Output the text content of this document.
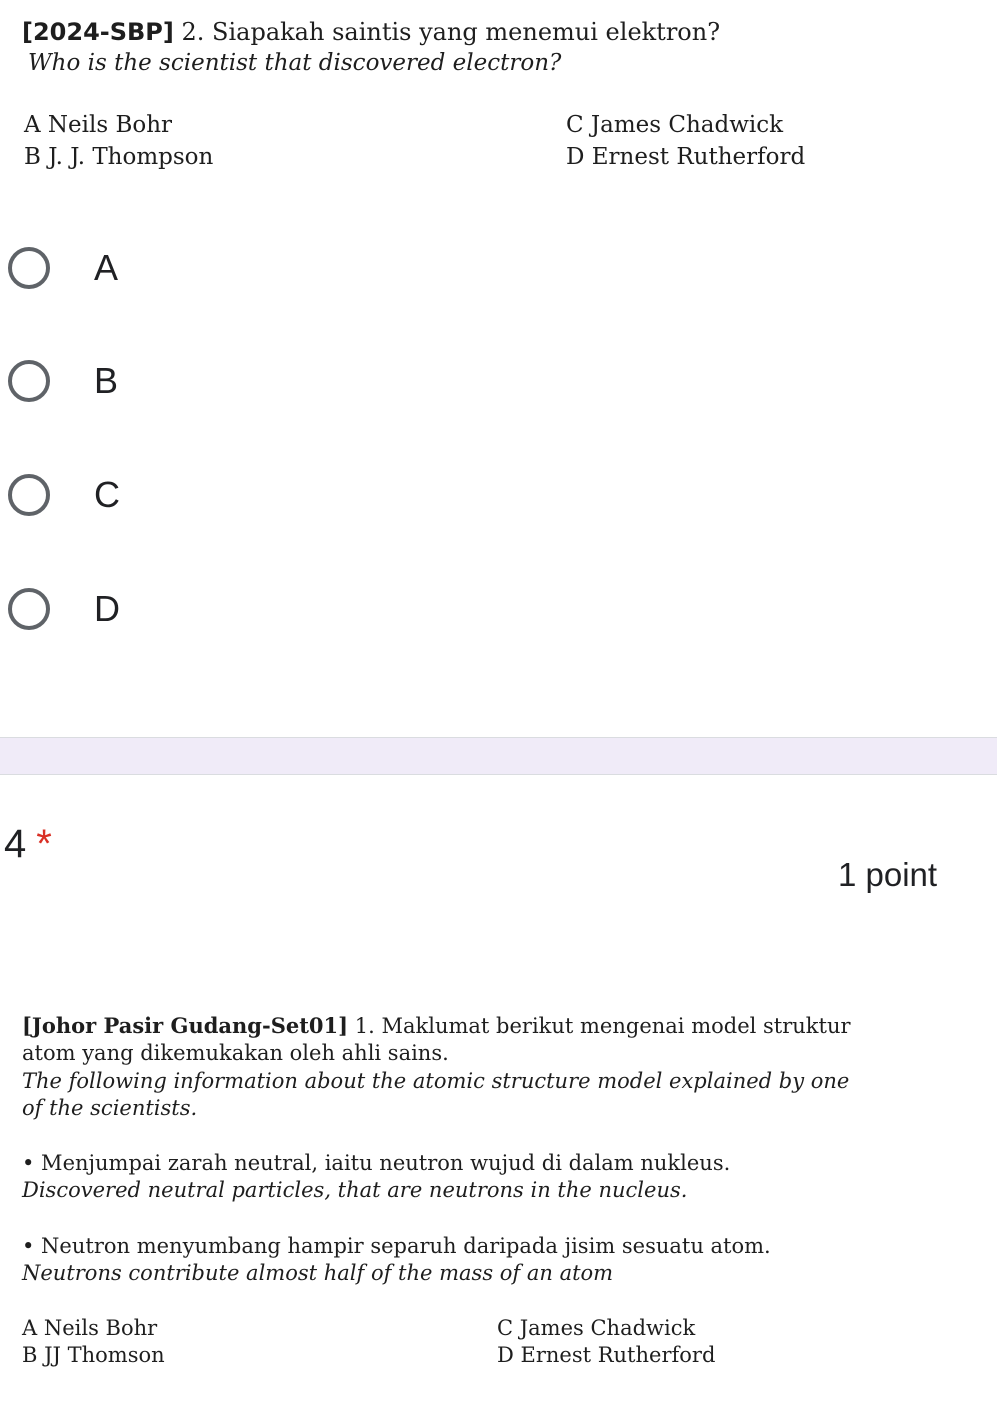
[2024-SBP] 2. Siapakah saintis yang menemui elektron?
Who is the scientist that discovered electron?
A Neils Bohr	C James Chadwick
B J. J. Thompson	D Ernest Rutherford
A
B
C
D
4 *
1 point
[Johor Pasir Gudang-Set01] 1. Maklumat berikut mengenai model struktur
atom yang dikemukakan oleh ahli sains.
The following information about the atomic structure model explained by one
of the scientists.
• Menjumpai zarah neutral, iaitu neutron wujud di dalam nukleus.
Discovered neutral particles, that are neutrons in the nucleus.
• Neutron menyumbang hampir separuh daripada jisim sesuatu atom.
Neutrons contribute almost half of the mass of an atom
A Neils Bohr	C James Chadwick
B JJ Thomson	D Ernest Rutherford
